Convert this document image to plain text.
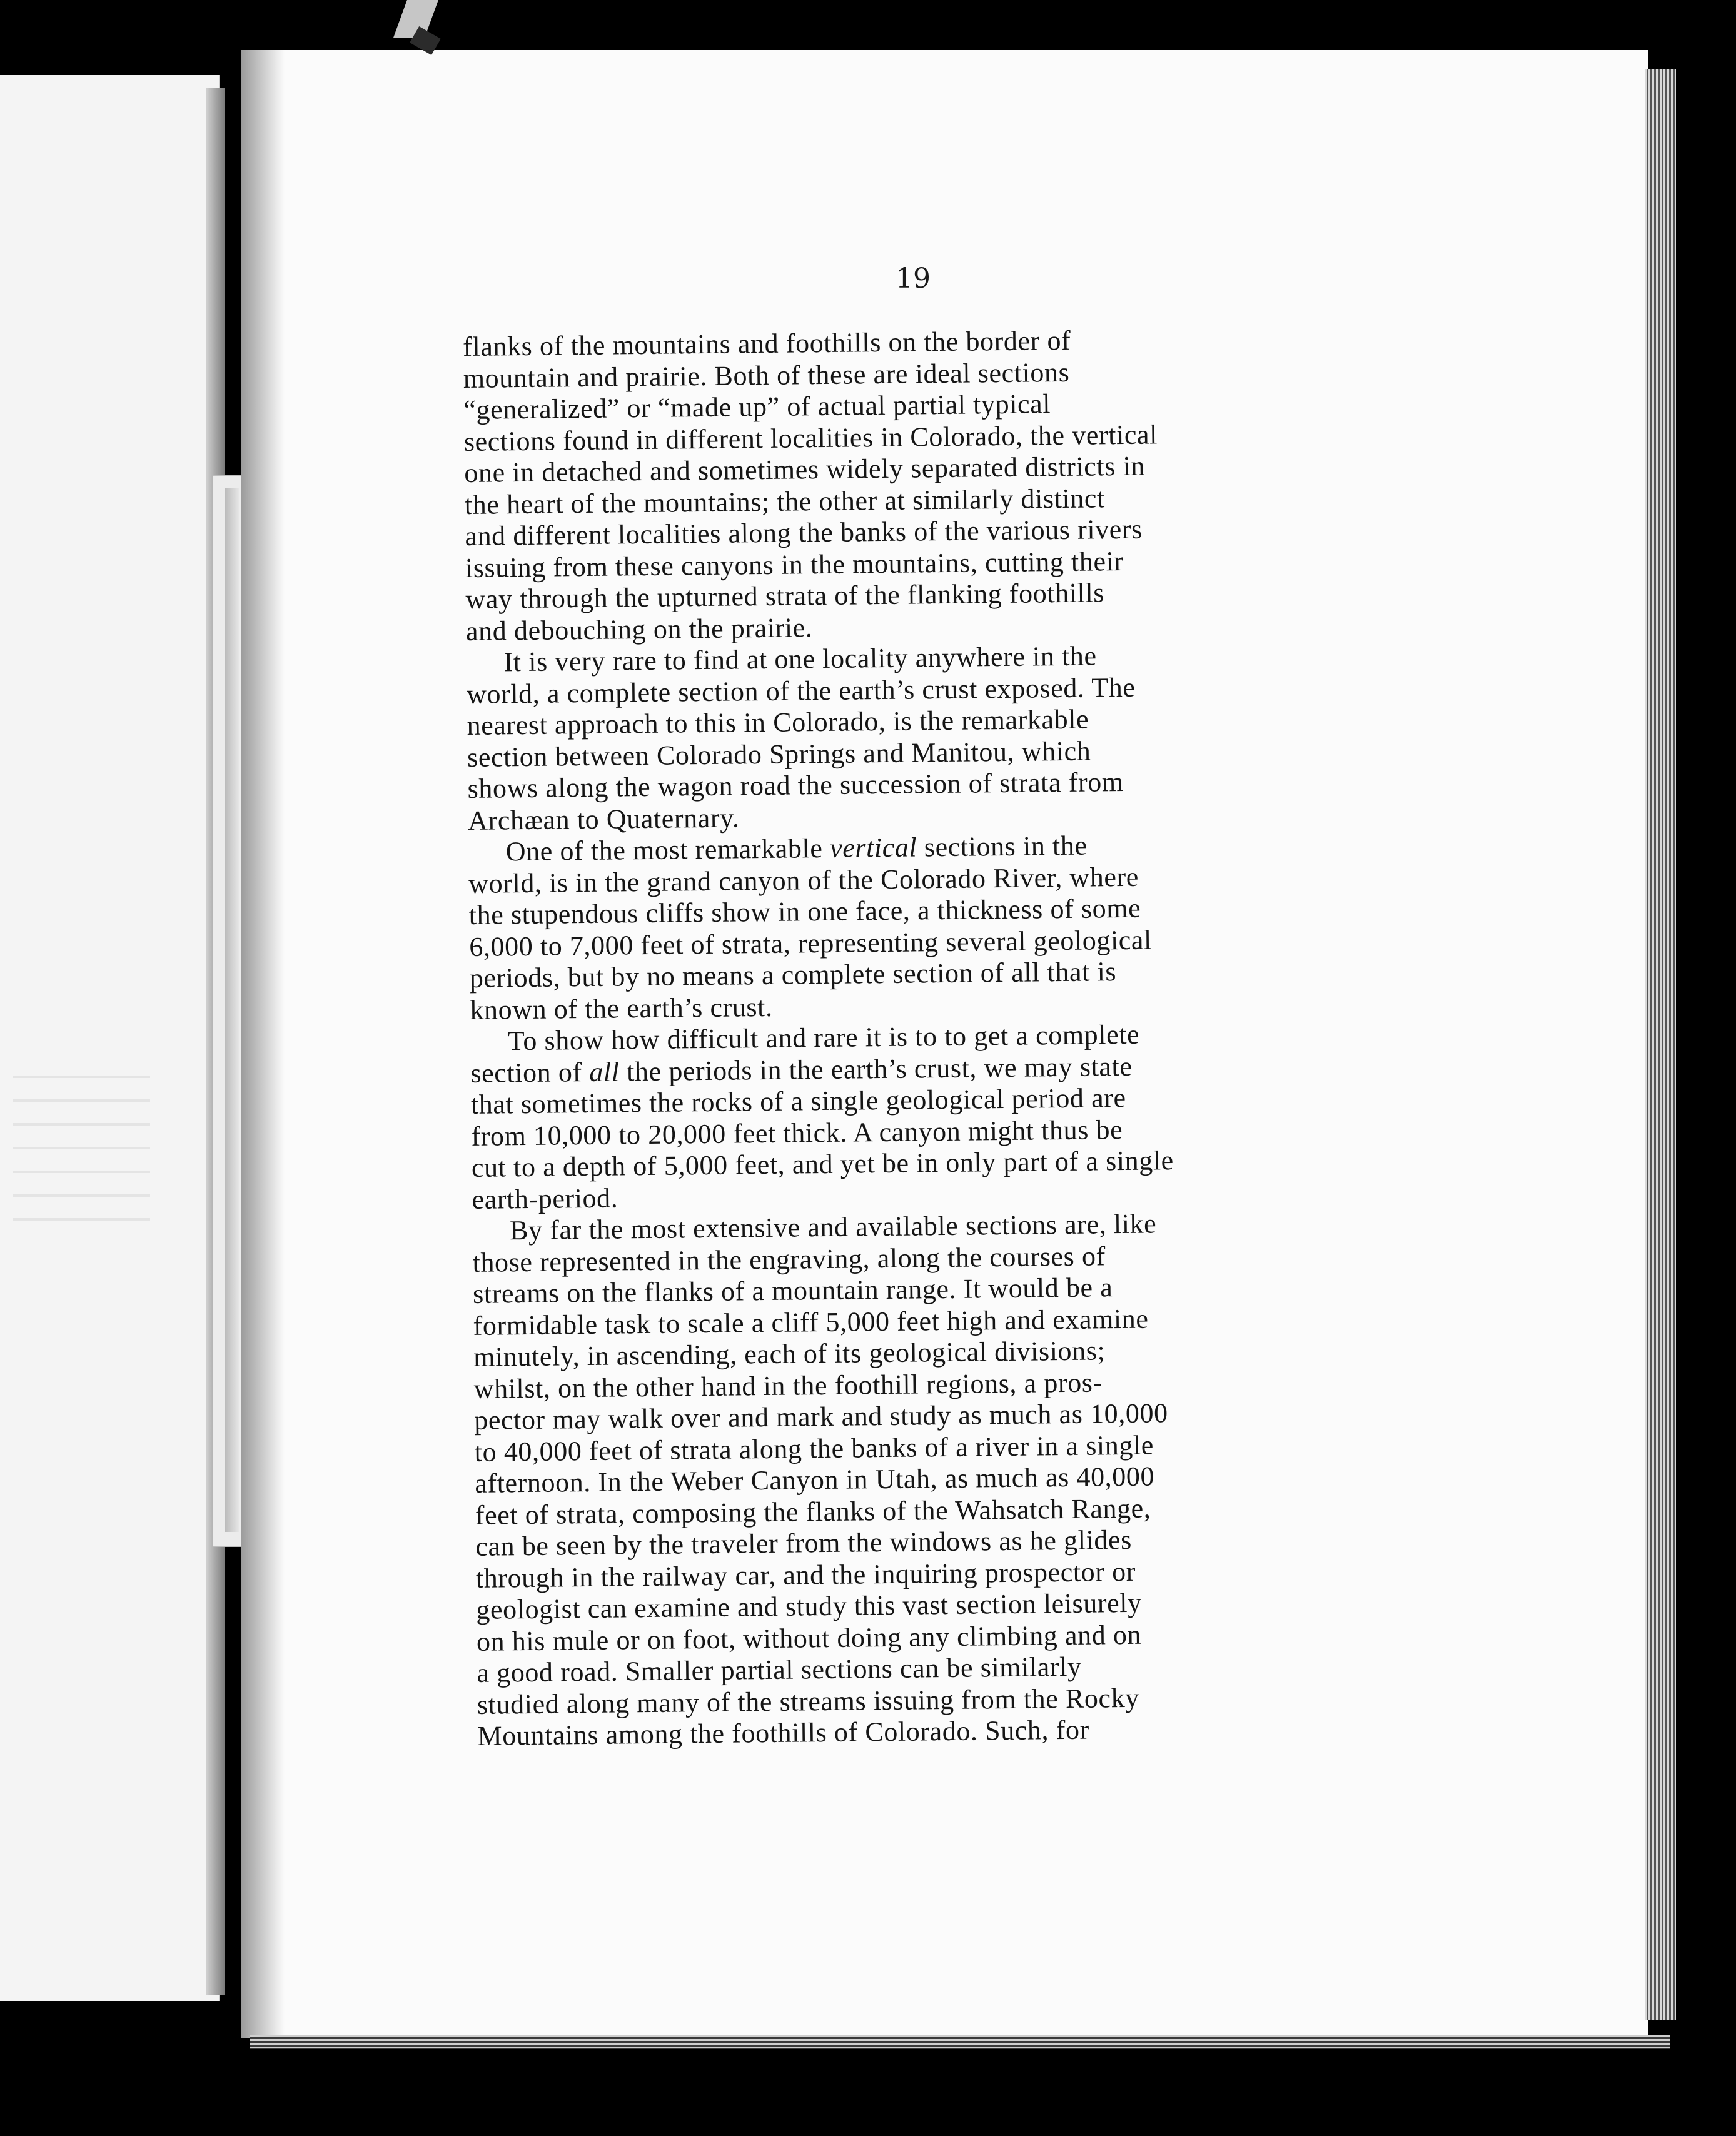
19
flanks of the mountains and foothills on the border of
mountain and prairie. Both of these are ideal sections
“generalized” or “made up” of actual partial typical
sections found in different localities in Colorado, the vertical
one in detached and sometimes widely separated districts in
the heart of the mountains; the other at similarly distinct
and different localities along the banks of the various rivers
issuing from these canyons in the mountains, cutting their
way through the upturned strata of the flanking foothills
and debouching on the prairie.
It is very rare to find at one locality anywhere in the
world, a complete section of the earth’s crust exposed. The
nearest approach to this in Colorado, is the remarkable
section between Colorado Springs and Manitou, which
shows along the wagon road the succession of strata from
Archæan to Quaternary.
One of the most remarkable vertical sections in the
world, is in the grand canyon of the Colorado River, where
the stupendous cliffs show in one face, a thickness of some
6,000 to 7,000 feet of strata, representing several geological
periods, but by no means a complete section of all that is
known of the earth’s crust.
To show how difficult and rare it is to to get a complete
section of all the periods in the earth’s crust, we may state
that sometimes the rocks of a single geological period are
from 10,000 to 20,000 feet thick. A canyon might thus be
cut to a depth of 5,000 feet, and yet be in only part of a single
earth-period.
By far the most extensive and available sections are, like
those represented in the engraving, along the courses of
streams on the flanks of a mountain range. It would be a
formidable task to scale a cliff 5,000 feet high and examine
minutely, in ascending, each of its geological divisions;
whilst, on the other hand in the foothill regions, a pros-
pector may walk over and mark and study as much as 10,000
to 40,000 feet of strata along the banks of a river in a single
afternoon. In the Weber Canyon in Utah, as much as 40,000
feet of strata, composing the flanks of the Wahsatch Range,
can be seen by the traveler from the windows as he glides
through in the railway car, and the inquiring prospector or
geologist can examine and study this vast section leisurely
on his mule or on foot, without doing any climbing and on
a good road. Smaller partial sections can be similarly
studied along many of the streams issuing from the Rocky
Mountains among the foothills of Colorado. Such, for
